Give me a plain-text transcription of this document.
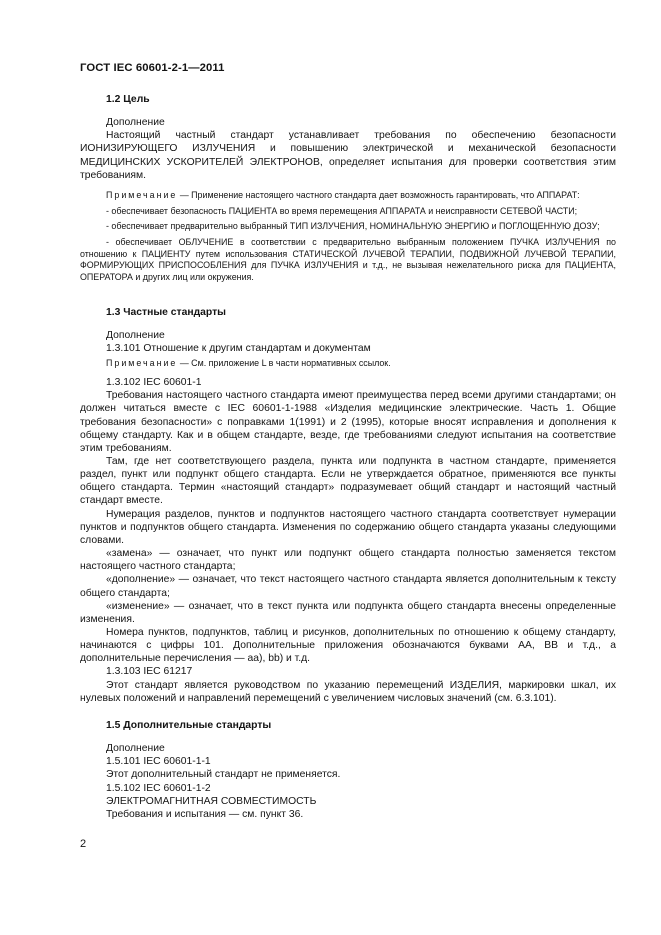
ГОСТ IEC 60601-2-1—2011

1.2 Цель

Дополнение

Настоящий частный стандарт устанавливает требования по обеспечению безопасности ИОНИЗИРУЮЩЕГО ИЗЛУЧЕНИЯ и повышению электрической и механической безопасности МЕДИЦИНСКИХ УСКОРИТЕЛЕЙ ЭЛЕКТРОНОВ, определяет испытания для проверки соответствия этим требованиям.

Примечание — Применение настоящего частного стандарта дает возможность гарантировать, что АППАРАТ:

- обеспечивает безопасность ПАЦИЕНТА во время перемещения АППАРАТА и неисправности СЕТЕВОЙ ЧАСТИ;

- обеспечивает предварительно выбранный ТИП ИЗЛУЧЕНИЯ, НОМИНАЛЬНУЮ ЭНЕРГИЮ и ПОГЛОЩЕННУЮ ДОЗУ;

- обеспечивает ОБЛУЧЕНИЕ в соответствии с предварительно выбранным положением ПУЧКА ИЗЛУЧЕНИЯ по отношению к ПАЦИЕНТУ путем использования СТАТИЧЕСКОЙ ЛУЧЕВОЙ ТЕРАПИИ, ПОДВИЖНОЙ ЛУЧЕВОЙ ТЕРАПИИ, ФОРМИРУЮЩИХ ПРИСПОСОБЛЕНИЯ для ПУЧКА ИЗЛУЧЕНИЯ и т.д., не вызывая нежелательного риска для ПАЦИЕНТА, ОПЕРАТОРА и других лиц или окружения.

1.3 Частные стандарты

Дополнение

1.3.101 Отношение к другим стандартам и документам

Примечание — См. приложение L в части нормативных ссылок.

1.3.102 IEC 60601-1

Требования настоящего частного стандарта имеют преимущества перед всеми другими стандартами; он должен читаться вместе с IEC 60601-1-1988 «Изделия медицинские электрические. Часть 1. Общие требования безопасности» с поправками 1(1991) и 2 (1995), которые вносят исправления и дополнения к общему стандарту. Как и в общем стандарте, везде, где требованиями следуют испытания на соответствие этим требованиям.

Там, где нет соответствующего раздела, пункта или подпункта в частном стандарте, применяется раздел, пункт или подпункт общего стандарта. Если не утверждается обратное, применяются все пункты общего стандарта. Термин «настоящий стандарт» подразумевает общий стандарт и настоящий частный стандарт вместе.

Нумерация разделов, пунктов и подпунктов настоящего частного стандарта соответствует нумерации пунктов и подпунктов общего стандарта. Изменения по содержанию общего стандарта указаны следующими словами.

«замена» — означает, что пункт или подпункт общего стандарта полностью заменяется текстом настоящего частного стандарта;

«дополнение» — означает, что текст настоящего частного стандарта является дополнительным к тексту общего стандарта;

«изменение» — означает, что в текст пункта или подпункта общего стандарта внесены определенные изменения.

Номера пунктов, подпунктов, таблиц и рисунков, дополнительных по отношению к общему стандарту, начинаются с цифры 101. Дополнительные приложения обозначаются буквами АА, ВВ и т.д., а дополнительные перечисления — аа), bb) и т.д.

1.3.103 IEC 61217

Этот стандарт является руководством по указанию перемещений ИЗДЕЛИЯ, маркировки шкал, их нулевых положений и направлений перемещений с увеличением числовых значений (см. 6.3.101).

1.5 Дополнительные стандарты

Дополнение

1.5.101 IEC 60601-1-1

Этот дополнительный стандарт не применяется.

1.5.102 IEC 60601-1-2

ЭЛЕКТРОМАГНИТНАЯ СОВМЕСТИМОСТЬ

Требования и испытания — см. пункт 36.

2
